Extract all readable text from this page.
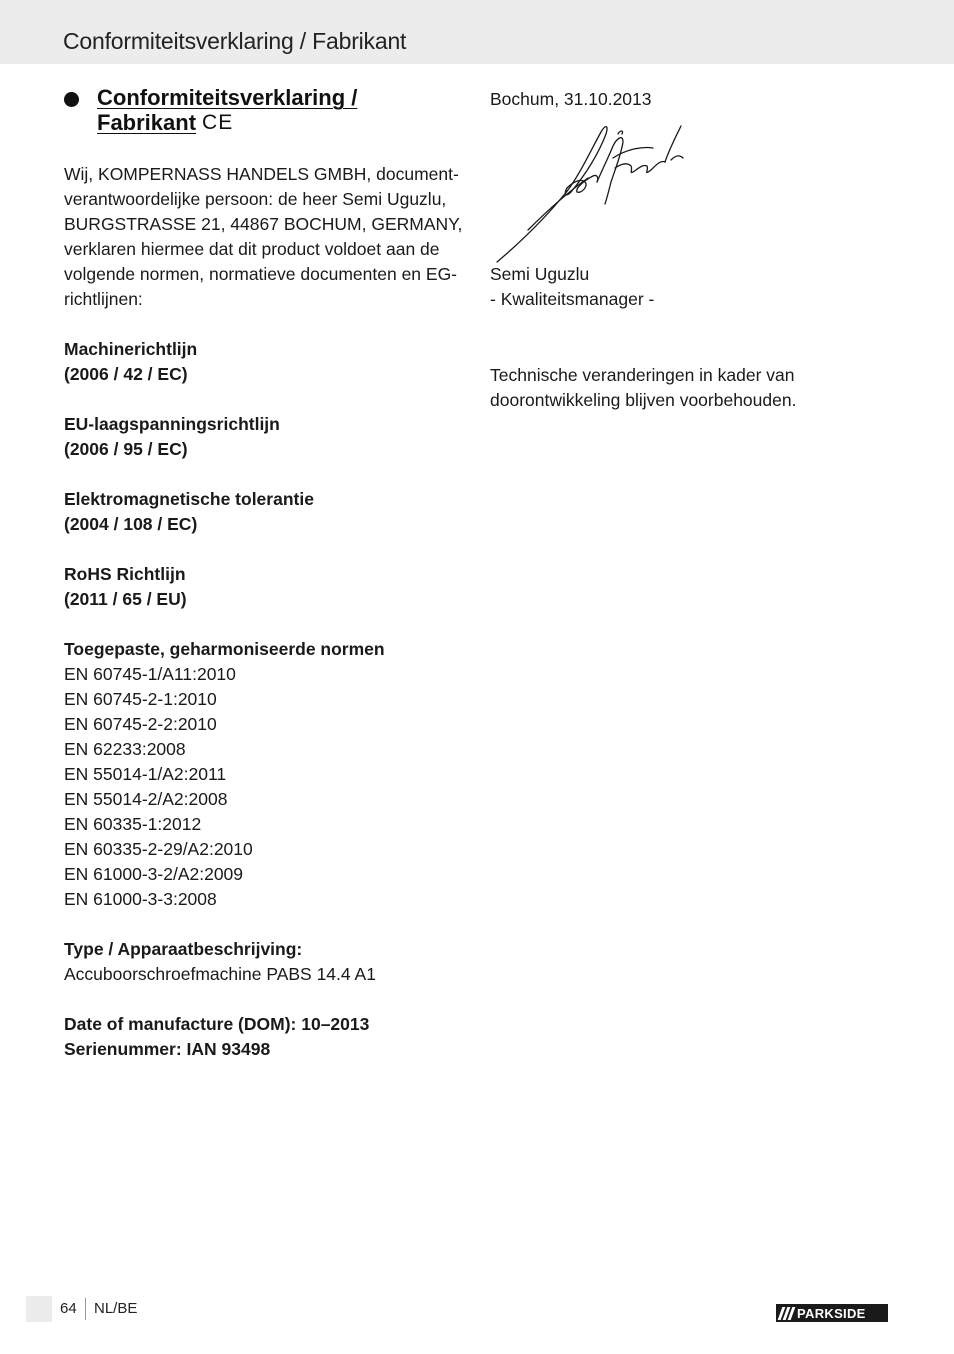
Conformiteitsverklaring / Fabrikant
Conformiteitsverklaring /
Fabrikant CE

Wij, KOMPERNASS HANDELS GMBH, document-
verantwoordelijke persoon: de heer Semi Uguzlu,
BURGSTRASSE 21, 44867 BOCHUM, GERMANY,
verklaren hiermee dat dit product voldoet aan de
volgende normen, normatieve documenten en EG-
richtlijnen:

Machinerichtlijn
(2006 / 42 / EC)
EU-laagspanningsrichtlijn
(2006 / 95 / EC)
Elektromagnetische tolerantie
(2004 / 108 / EC)
RoHS Richtlijn
(2011 / 65 / EU)
Toegepaste, geharmoniseerde normen
EN 60745-1/A11:2010
EN 60745-2-1:2010
EN 60745-2-2:2010
EN 62233:2008
EN 55014-1/A2:2011
EN 55014-2/A2:2008
EN 60335-1:2012
EN 60335-2-29/A2:2010
EN 61000-3-2/A2:2009
EN 61000-3-3:2008
Type / Apparaatbeschrijving:
Accuboorschroefmachine PABS 14.4 A1
Date of manufacture (DOM): 10–2013
Serienummer: IAN 93498
Bochum, 31.10.2013
Semi Uguzlu
- Kwaliteitsmanager -
Technische veranderingen in kader van
doorontwikkeling blijven voorbehouden.
64 NL/BE	PARKSIDE
